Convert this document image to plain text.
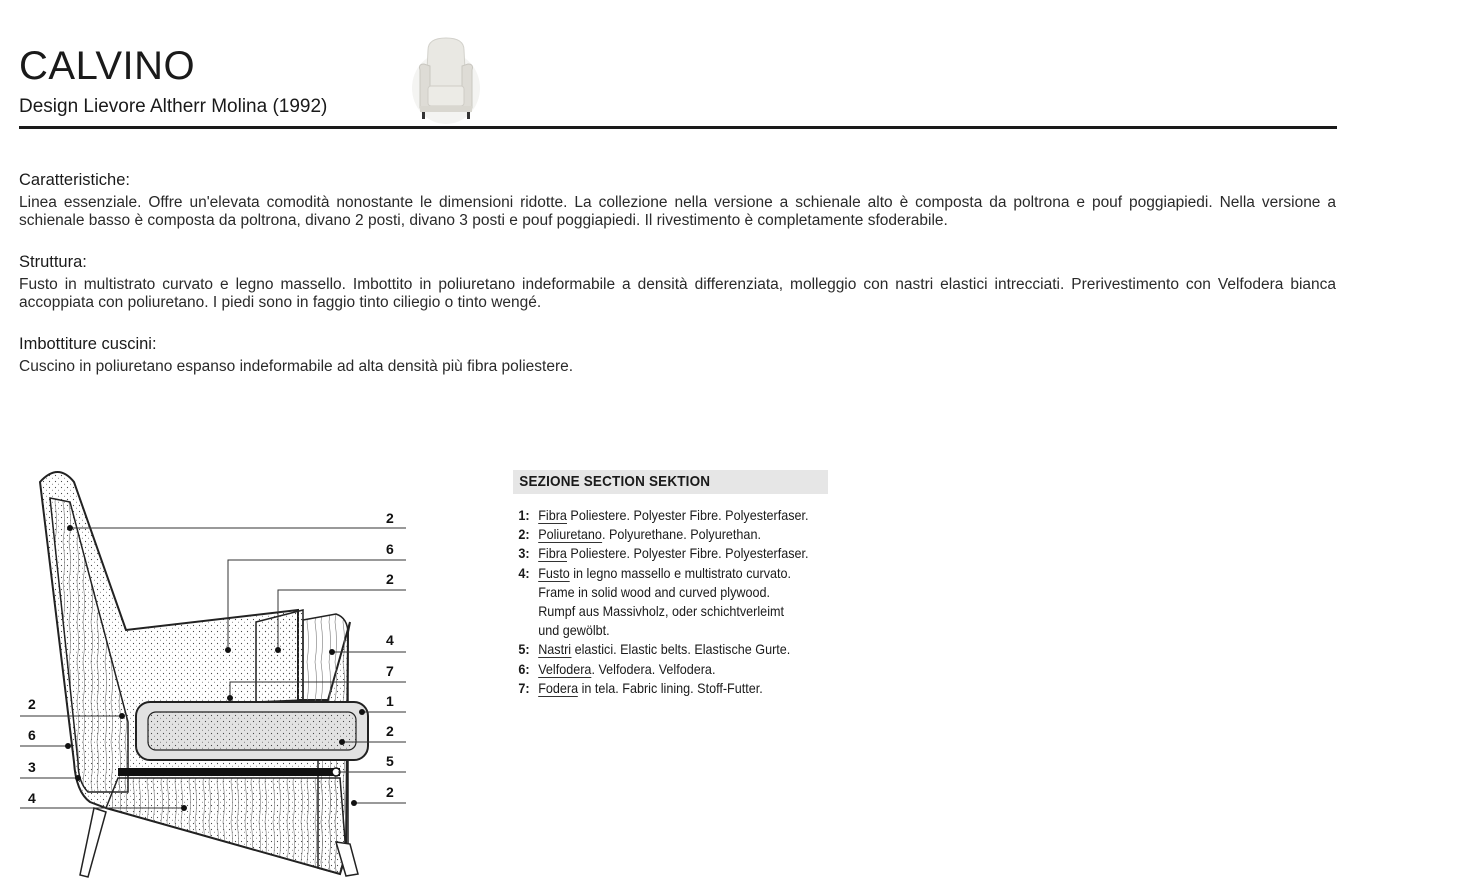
CALVINO
Design Lievore Altherr Molina (1992)
Caratteristiche:
Linea essenziale. Offre un'elevata comodità nonostante le dimensioni ridotte. La collezione nella versione a schienale alto è composta da poltrona e pouf poggiapiedi. Nella versione a schienale basso è composta da poltrona, divano 2 posti, divano 3 posti e pouf poggiapiedi. Il rivestimento è completamente sfoderabile.
Struttura:
Fusto in multistrato curvato e legno massello. Imbottito in poliuretano indeformabile a densità differenziata, molleggio con nastri elastici intrecciati. Prerivestimento con Velfodera bianca accoppiata con poliuretano. I piedi sono in faggio tinto ciliegio o tinto wengé.
Imbottiture cuscini:
Cuscino in poliuretano espanso indeformabile ad alta densità più fibra poliestere.
2
6
2
4
7
1
2
5
2
2
6
3
4
SEZIONE SECTION SEKTION
1: Fibra Poliestere. Polyester Fibre. Polyesterfaser.
2: Poliuretano. Polyurethane. Polyurethan.
3: Fibra Poliestere. Polyester Fibre. Polyesterfaser.
4: Fusto in legno massello e multistrato curvato.
Frame in solid wood and curved plywood.
Rumpf aus Massivholz, oder schichtverleimt
und gewölbt.
5: Nastri elastici. Elastic belts. Elastische Gurte.
6: Velfodera. Velfodera. Velfodera.
7: Fodera in tela. Fabric lining. Stoff-Futter.
